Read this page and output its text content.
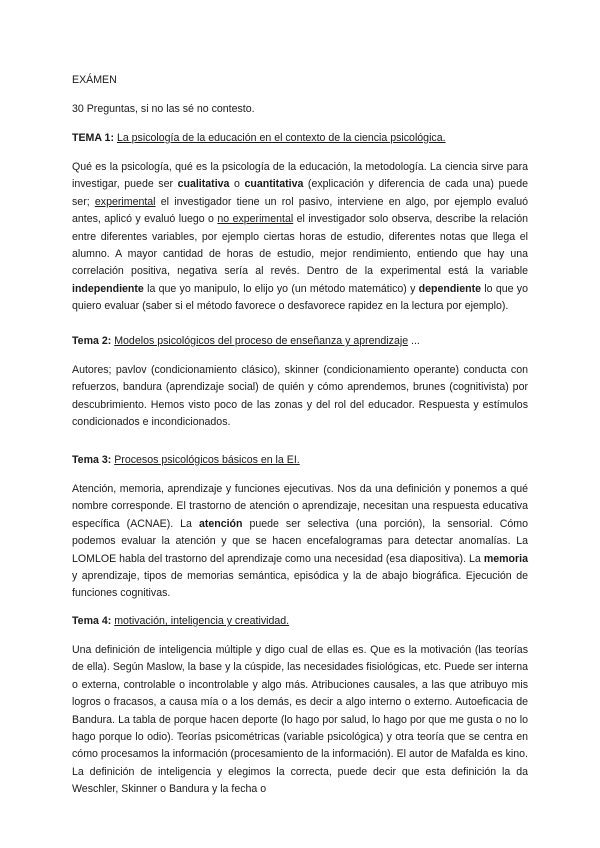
EXÁMEN

30 Preguntas, si no las sé no contesto.

TEMA 1: La psicología de la educación en el contexto de la ciencia psicológica.

Qué es la psicología, qué es la psicología de la educación, la metodología. La ciencia sirve para investigar, puede ser cualitativa o cuantitativa (explicación y diferencia de cada una) puede ser; experimental el investigador tiene un rol pasivo, interviene en algo, por ejemplo evaluó antes, aplicó y evaluó luego o no experimental el investigador solo observa, describe la relación entre diferentes variables, por ejemplo ciertas horas de estudio, diferentes notas que llega el alumno. A mayor cantidad de horas de estudio, mejor rendimiento, entiendo que hay una correlación positiva, negativa sería al revés. Dentro de la experimental está la variable independiente la que yo manipulo, lo elijo yo (un método matemático) y dependiente lo que yo quiero evaluar (saber si el método favorece o desfavorece rapidez en la lectura por ejemplo).

Tema 2: Modelos psicológicos del proceso de enseñanza y aprendizaje ...

Autores; pavlov (condicionamiento clásico), skinner (condicionamiento operante) conducta con refuerzos, bandura (aprendizaje social) de quién y cómo aprendemos, brunes (cognitivista) por descubrimiento. Hemos visto poco de las zonas y del rol del educador. Respuesta y estímulos condicionados e incondicionados.

Tema 3: Procesos psicológicos básicos en la EI.

Atención, memoria, aprendizaje y funciones ejecutivas. Nos da una definición y ponemos a qué nombre corresponde. El trastorno de atención o aprendizaje, necesitan una respuesta educativa específica (ACNAE). La atención puede ser selectiva (una porción), la sensorial. Cómo podemos evaluar la atención y que se hacen encefalogramas para detectar anomalías. La LOMLOE habla del trastorno del aprendizaje como una necesidad (esa diapositiva). La memoria y aprendizaje, tipos de memorias semántica, episódica y la de abajo biográfica. Ejecución de funciones cognitivas.

Tema 4: motivación, inteligencia y creatividad.

Una definición de inteligencia múltiple y digo cual de ellas es. Que es la motivación (las teorías de ella). Según Maslow, la base y la cúspide, las necesidades fisiológicas, etc. Puede ser interna o externa, controlable o incontrolable y algo más. Atribuciones causales, a las que atribuyo mis logros o fracasos, a causa mía o a los demás, es decir a algo interno o externo. Autoeficacia de Bandura. La tabla de porque hacen deporte (lo hago por salud, lo hago por que me gusta o no lo hago porque lo odio). Teorías psicométricas (variable psicológica) y otra teoría que se centra en cómo procesamos la información (procesamiento de la información). El autor de Mafalda es kino. La definición de inteligencia y elegimos la correcta, puede decir que esta definición la da Weschler, Skinner o Bandura y la fecha o
